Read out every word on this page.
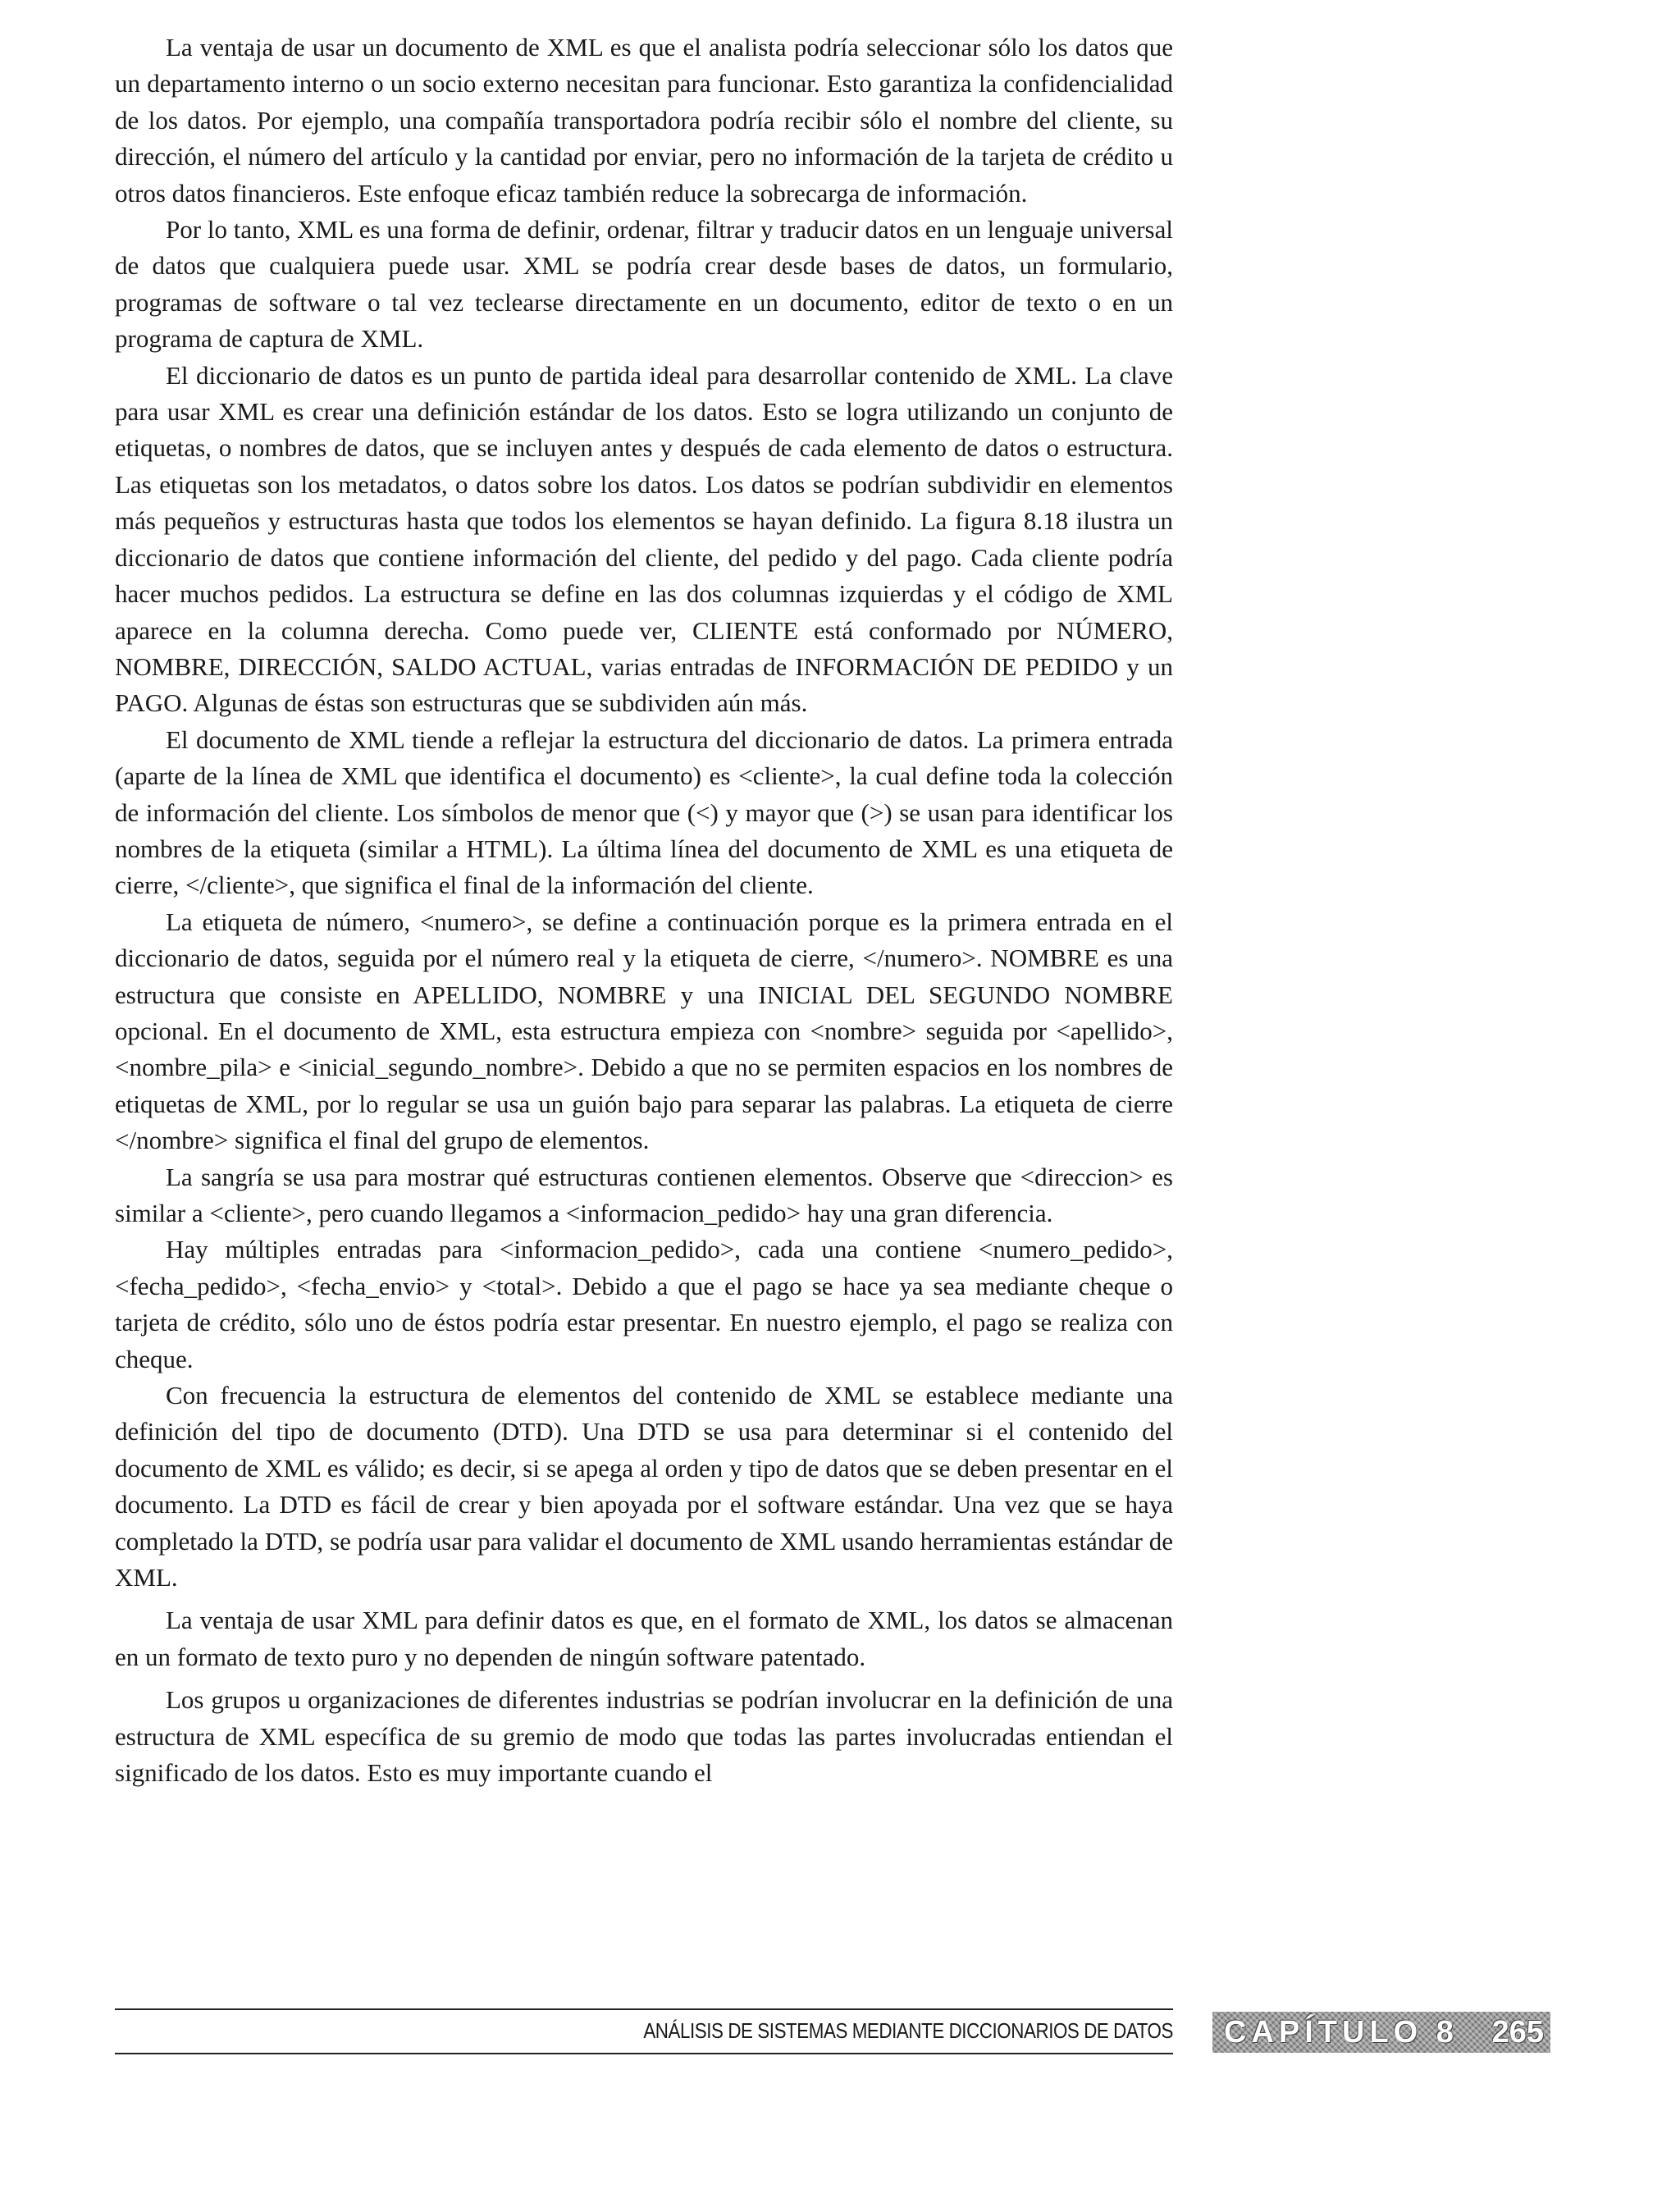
La ventaja de usar un documento de XML es que el analista podría seleccionar sólo los datos que un departamento interno o un socio externo necesitan para funcionar. Esto garantiza la confidencialidad de los datos. Por ejemplo, una compañía transportadora podría recibir sólo el nombre del cliente, su dirección, el número del artículo y la cantidad por enviar, pero no información de la tarjeta de crédito u otros datos financieros. Este enfoque eficaz también reduce la sobrecarga de información.

Por lo tanto, XML es una forma de definir, ordenar, filtrar y traducir datos en un lenguaje universal de datos que cualquiera puede usar. XML se podría crear desde bases de datos, un formulario, programas de software o tal vez teclearse directamente en un documento, editor de texto o en un programa de captura de XML.

El diccionario de datos es un punto de partida ideal para desarrollar contenido de XML. La clave para usar XML es crear una definición estándar de los datos. Esto se logra utilizando un conjunto de etiquetas, o nombres de datos, que se incluyen antes y después de cada elemento de datos o estructura. Las etiquetas son los metadatos, o datos sobre los datos. Los datos se podrían subdividir en elementos más pequeños y estructuras hasta que todos los elementos se hayan definido. La figura 8.18 ilustra un diccionario de datos que contiene información del cliente, del pedido y del pago. Cada cliente podría hacer muchos pedidos. La estructura se define en las dos columnas izquierdas y el código de XML aparece en la columna derecha. Como puede ver, CLIENTE está conformado por NÚMERO, NOMBRE, DIRECCIÓN, SALDO ACTUAL, varias entradas de INFORMACIÓN DE PEDIDO y un PAGO. Algunas de éstas son estructuras que se subdividen aún más.

El documento de XML tiende a reflejar la estructura del diccionario de datos. La primera entrada (aparte de la línea de XML que identifica el documento) es <cliente>, la cual define toda la colección de información del cliente. Los símbolos de menor que (<) y mayor que (>) se usan para identificar los nombres de la etiqueta (similar a HTML). La última línea del documento de XML es una etiqueta de cierre, </cliente>, que significa el final de la información del cliente.

La etiqueta de número, <numero>, se define a continuación porque es la primera entrada en el diccionario de datos, seguida por el número real y la etiqueta de cierre, </numero>. NOMBRE es una estructura que consiste en APELLIDO, NOMBRE y una INICIAL DEL SEGUNDO NOMBRE opcional. En el documento de XML, esta estructura empieza con <nombre> seguida por <apellido>, <nombre_pila> e <inicial_segundo_nombre>. Debido a que no se permiten espacios en los nombres de etiquetas de XML, por lo regular se usa un guión bajo para separar las palabras. La etiqueta de cierre </nombre> significa el final del grupo de elementos.

La sangría se usa para mostrar qué estructuras contienen elementos. Observe que <direccion> es similar a <cliente>, pero cuando llegamos a <informacion_pedido> hay una gran diferencia.

Hay múltiples entradas para <informacion_pedido>, cada una contiene <numero_pedido>, <fecha_pedido>, <fecha_envio> y <total>. Debido a que el pago se hace ya sea mediante cheque o tarjeta de crédito, sólo uno de éstos podría estar presentar. En nuestro ejemplo, el pago se realiza con cheque.

Con frecuencia la estructura de elementos del contenido de XML se establece mediante una definición del tipo de documento (DTD). Una DTD se usa para determinar si el contenido del documento de XML es válido; es decir, si se apega al orden y tipo de datos que se deben presentar en el documento. La DTD es fácil de crear y bien apoyada por el software estándar. Una vez que se haya completado la DTD, se podría usar para validar el documento de XML usando herramientas estándar de XML.

La ventaja de usar XML para definir datos es que, en el formato de XML, los datos se almacenan en un formato de texto puro y no dependen de ningún software patentado.

Los grupos u organizaciones de diferentes industrias se podrían involucrar en la definición de una estructura de XML específica de su gremio de modo que todas las partes involucradas entiendan el significado de los datos. Esto es muy importante cuando el

ANÁLISIS DE SISTEMAS MEDIANTE DICCIONARIOS DE DATOS CAPÍTULO 8 265
